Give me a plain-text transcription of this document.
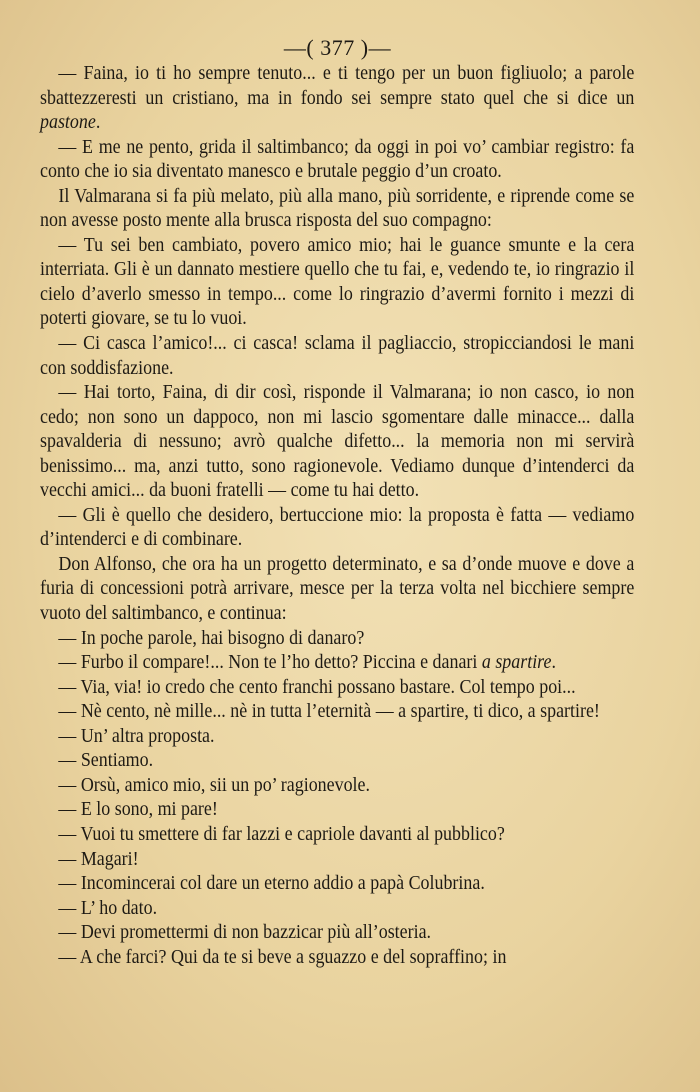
—( 377 )—

— Faina, io ti ho sempre tenuto... e ti tengo per un buon figliuolo; a parole sbattezzeresti un cristiano, ma in fondo sei sempre stato quel che si dice un pastone.

— E me ne pento, grida il saltimbanco; da oggi in poi vo’ cambiar registro: fa conto che io sia diventato manesco e brutale peggio d’un croato.

Il Valmarana si fa più melato, più alla mano, più sorridente, e riprende come se non avesse posto mente alla brusca risposta del suo compagno:

— Tu sei ben cambiato, povero amico mio; hai le guance smunte e la cera interriata. Gli è un dannato mestiere quello che tu fai, e, vedendo te, io ringrazio il cielo d’averlo smesso in tempo... come lo ringrazio d’avermi fornito i mezzi di poterti giovare, se tu lo vuoi.

— Ci casca l’amico!... ci casca! sclama il pagliaccio, stropicciandosi le mani con soddisfazione.

— Hai torto, Faina, di dir così, risponde il Valmarana; io non casco, io non cedo; non sono un dappoco, non mi lascio sgomentare dalle minacce... dalla spavalderia di nessuno; avrò qualche difetto... la memoria non mi servirà benissimo... ma, anzi tutto, sono ragionevole. Vediamo dunque d’intenderci da vecchi amici... da buoni fratelli — come tu hai detto.

— Gli è quello che desidero, bertuccione mio: la proposta è fatta — vediamo d’intenderci e di combinare.

Don Alfonso, che ora ha un progetto determinato, e sa d’onde muove e dove a furia di concessioni potrà arrivare, mesce per la terza volta nel bicchiere sempre vuoto del saltimbanco, e continua:

— In poche parole, hai bisogno di danaro?

— Furbo il compare!... Non te l’ho detto? Piccina e danari a spartire.

— Via, via! io credo che cento franchi possano bastare. Col tempo poi...

— Nè cento, nè mille... nè in tutta l’eternità — a spartire, ti dico, a spartire!

— Un’ altra proposta.

— Sentiamo.

— Orsù, amico mio, sii un po’ ragionevole.

— E lo sono, mi pare!

— Vuoi tu smettere di far lazzi e capriole davanti al pubblico?

— Magari!

— Incomincerai col dare un eterno addio a papà Colubrina.

— L’ ho dato.

— Devi promettermi di non bazzicar più all’osteria.

— A che farci? Qui da te si beve a sguazzo e del sopraffino; in
